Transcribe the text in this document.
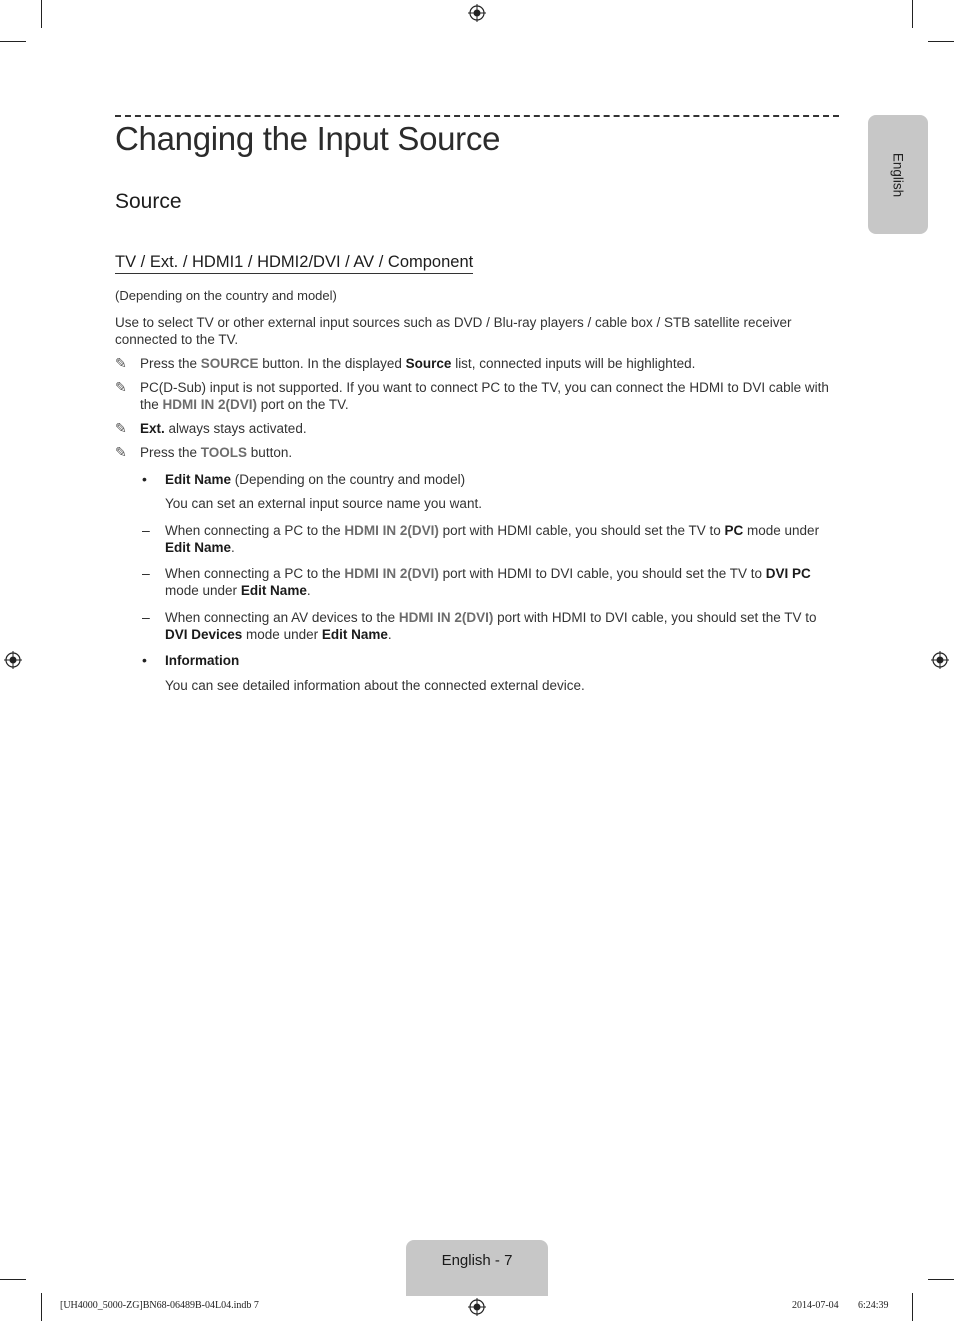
English
Changing the Input Source
Source
TV / Ext. / HDMI1 / HDMI2/DVI / AV / Component
(Depending on the country and model)
Use to select TV or other external input sources such as DVD / Blu-ray players / cable box / STB satellite receiver connected to the TV.
✎ Press the SOURCE button. In the displayed Source list, connected inputs will be highlighted.
✎ PC(D-Sub) input is not supported. If you want to connect PC to the TV, you can connect the HDMI to DVI cable with the HDMI IN 2(DVI) port on the TV.
✎ Ext. always stays activated.
✎ Press the TOOLS button.
• Edit Name (Depending on the country and model)
You can set an external input source name you want.
– When connecting a PC to the HDMI IN 2(DVI) port with HDMI cable, you should set the TV to PC mode under Edit Name.
– When connecting a PC to the HDMI IN 2(DVI) port with HDMI to DVI cable, you should set the TV to DVI PC mode under Edit Name.
– When connecting an AV devices to the HDMI IN 2(DVI) port with HDMI to DVI cable, you should set the TV to DVI Devices mode under Edit Name.
• Information
You can see detailed information about the connected external device.
English - 7
[UH4000_5000-ZG]BN68-06489B-04L04.indb 7	2014-07-04 6:24:39
